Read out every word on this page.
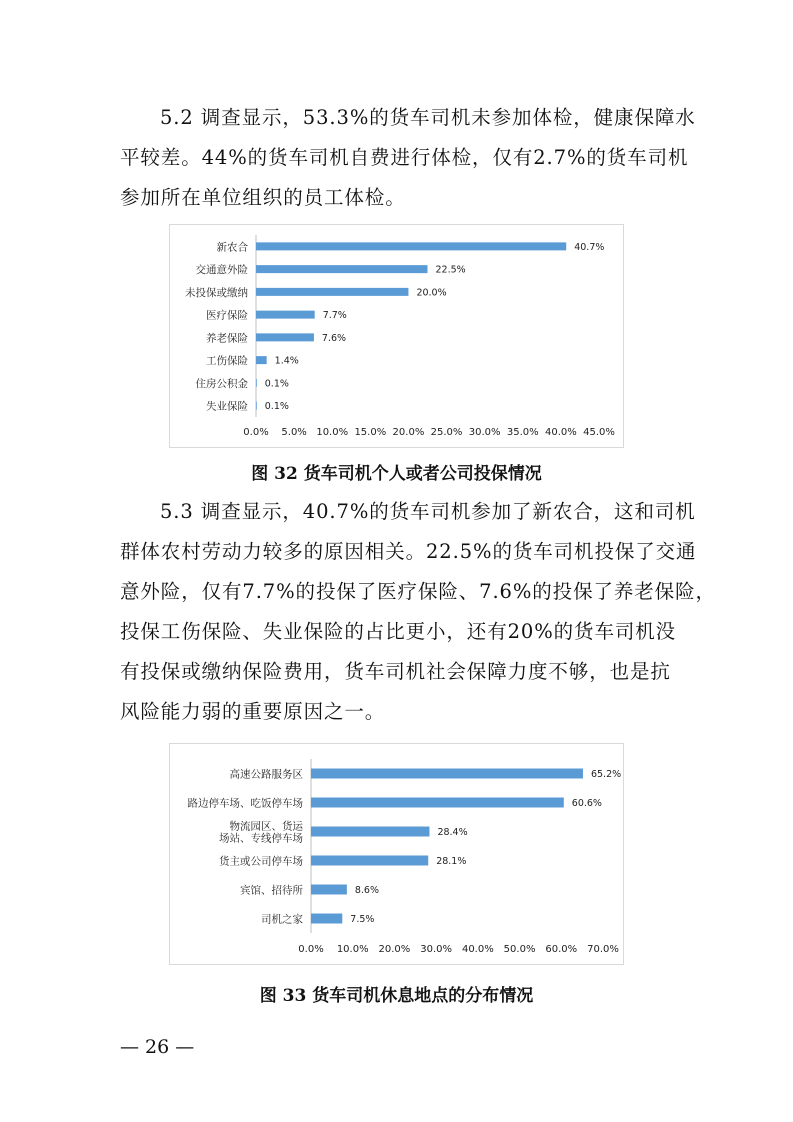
5.2 调查显示，53.3%的货车司机未参加体检，健康保障水
平较差。44%的货车司机自费进行体检，仅有2.7%的货车司机
参加所在单位组织的员工体检。

新农合	40.7%
交通意外险	22.5%
未投保或缴纳	20.0%
医疗保险	7.7%
养老保险	7.6%
工伤保险	1.4%
住房公积金 0.1%
失业保险 0.1%
0.0% 5.0% 10.0% 15.0% 20.0% 25.0% 30.0% 35.0% 40.0% 45.0%
图 32 货车司机个人或者公司投保情况

5.3 调查显示，40.7%的货车司机参加了新农合，这和司机
群体农村劳动力较多的原因相关。22.5%的货车司机投保了交通
意外险，仅有7.7%的投保了医疗保险、7.6%的投保了养老保险，
投保工伤保险、失业保险的占比更小，还有20%的货车司机没
有投保或缴纳保险费用，货车司机社会保障力度不够，也是抗
风险能力弱的重要原因之一。

高速公路服务区	65.2%
路边停车场、吃饭停车场	60.6%
物流园区、货运场站、专线停车场	28.4%
货主或公司停车场	28.1%
宾馆、招待所	8.6%
司机之家	7.5%
0.0% 10.0% 20.0% 30.0% 40.0% 50.0% 60.0% 70.0%
图 33 货车司机休息地点的分布情况
— 26 —
